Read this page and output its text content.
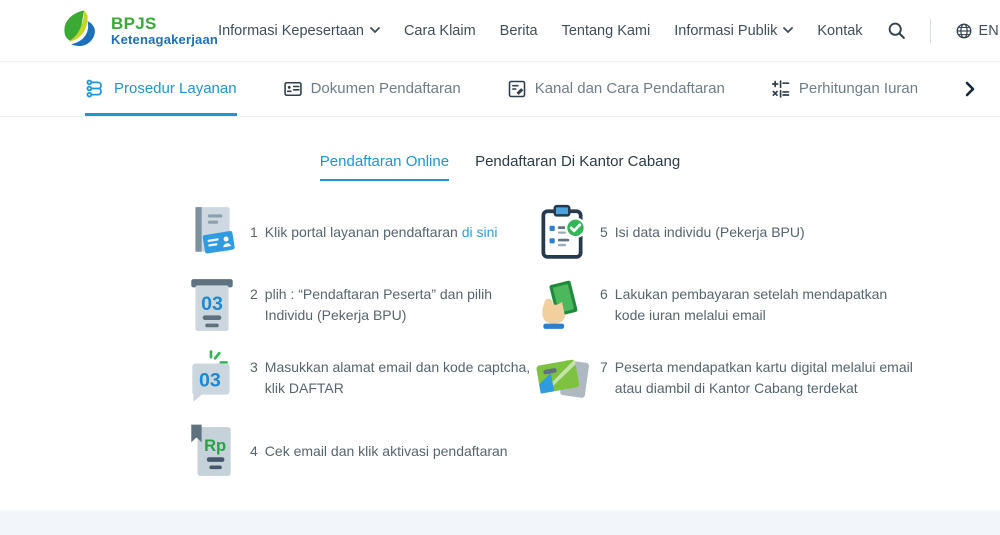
BPJS
Ketenagakerjaan
Informasi Kepesertaan	Cara Klaim Berita Tentang Kami Informasi Publik	Kontak	EN
Prosedur Layanan	Dokumen Pendaftaran	Kanal dan Cara Pendaftaran	Perhitungan Iuran
Pendaftaran Online Pendaftaran Di Kantor Cabang
1 Klik portal layanan pendaftaran di sini
03 2 plih : “Pendaftaran Peserta” dan pilih Individu (Pekerja BPU)
03
3 Masukkan alamat email dan kode captcha, klik DAFTAR
Rp 4 Cek email dan klik aktivasi pendaftaran
5 Isi data individu (Pekerja BPU)
6 Lakukan pembayaran setelah mendapatkan kode iuran melalui email
7 Peserta mendapatkan kartu digital melalui email atau diambil di Kantor Cabang terdekat
